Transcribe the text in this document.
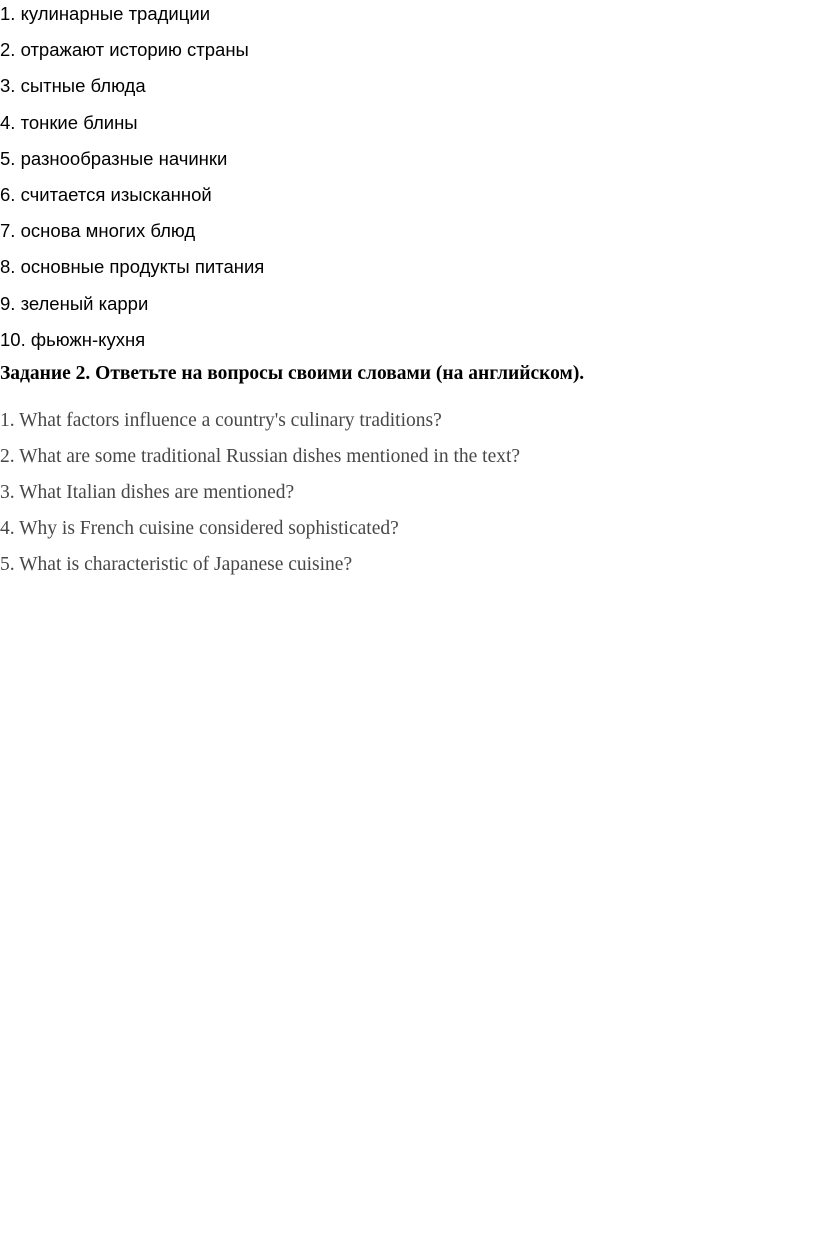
1. кулинарные традиции
2. отражают историю страны
3. сытные блюда
4. тонкие блины
5. разнообразные начинки
6. считается изысканной
7. основа многих блюд
8. основные продукты питания
9. зеленый карри
10. фьюжн-кухня
Задание 2. Ответьте на вопросы своими словами (на английском).
1. What factors influence a country's culinary traditions?
2. What are some traditional Russian dishes mentioned in the text?
3. What Italian dishes are mentioned?
4. Why is French cuisine considered sophisticated?
5. What is characteristic of Japanese cuisine?
